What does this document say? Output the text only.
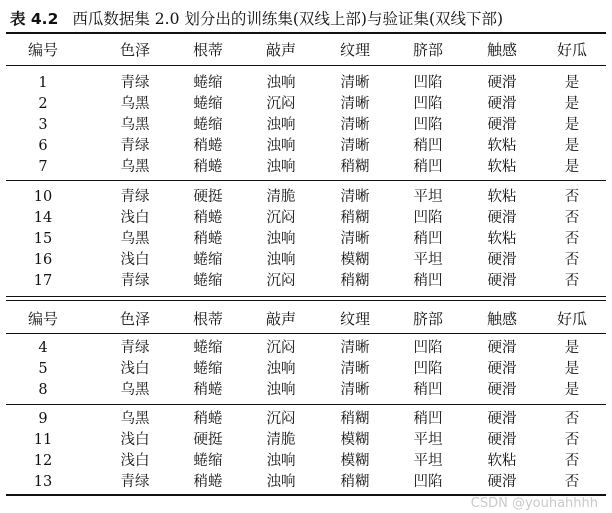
表 4.2 西瓜数据集 2.0 划分出的训练集(双线上部)与验证集(双线下部)
编号	色泽	根蒂	敲声	纹理	脐部	触感	好瓜
1	青绿	蜷缩	浊响	清晰	凹陷	硬滑	是
2	乌黑	蜷缩	沉闷	清晰	凹陷	硬滑	是
3	乌黑	蜷缩	浊响	清晰	凹陷	硬滑	是
6	青绿	稍蜷	浊响	清晰	稍凹	软粘	是
7	乌黑	稍蜷	浊响	稍糊	稍凹	软粘	是
10	青绿	硬挺	清脆	清晰	平坦	软粘	否
14	浅白	稍蜷	沉闷	稍糊	凹陷	硬滑	否
15	乌黑	稍蜷	浊响	清晰	稍凹	软粘	否
16	浅白	蜷缩	浊响	模糊	平坦	硬滑	否
17	青绿	蜷缩	沉闷	稍糊	稍凹	硬滑	否
编号	色泽	根蒂	敲声	纹理	脐部	触感	好瓜
4	青绿	蜷缩	沉闷	清晰	凹陷	硬滑	是
5	浅白	蜷缩	浊响	清晰	凹陷	硬滑	是
8	乌黑	稍蜷	浊响	清晰	稍凹	硬滑	是
9	乌黑	稍蜷	沉闷	稍糊	稍凹	硬滑	否
11	浅白	硬挺	清脆	模糊	平坦	硬滑	否
12	浅白	蜷缩	浊响	模糊	平坦	软粘	否
13	青绿	稍蜷	浊响	稍糊	凹陷	硬滑	否
CSDN @youhahhhh
